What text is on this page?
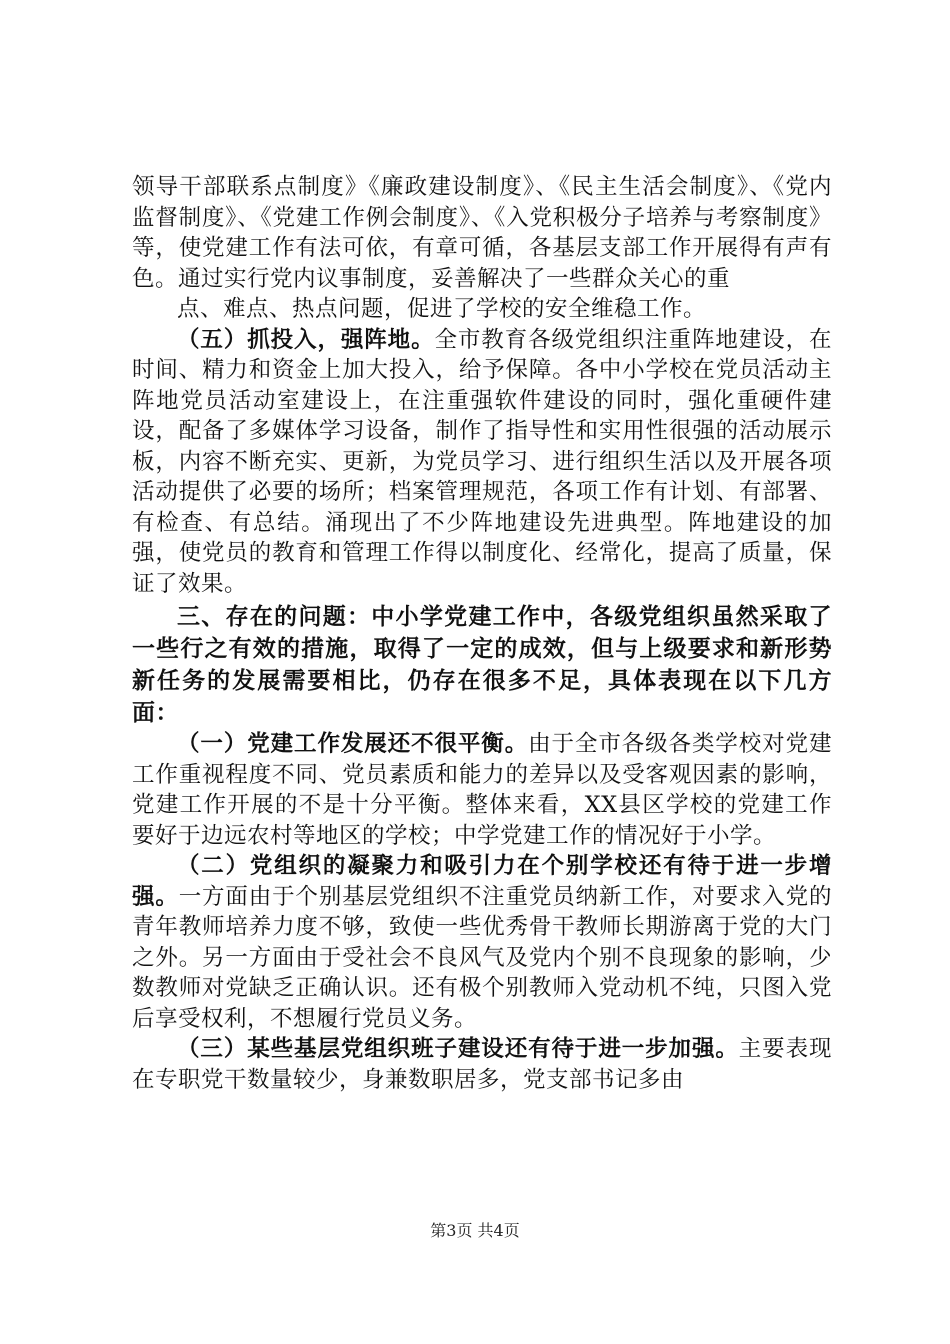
领导干部联系点制度》《廉政建设制度》、《民主生活会制度》、《党内监督制度》、《党建工作例会制度》、《入党积极分子培养与考察制度》等，使党建工作有法可依，有章可循，各基层支部工作开展得有声有色。通过实行党内议事制度，妥善解决了一些群众关心的重

点、难点、热点问题，促进了学校的安全维稳工作。

（五）抓投入，强阵地。全市教育各级党组织注重阵地建设，在时间、精力和资金上加大投入，给予保障。各中小学校在党员活动主阵地党员活动室建设上，在注重强软件建设的同时，强化重硬件建设，配备了多媒体学习设备，制作了指导性和实用性很强的活动展示板，内容不断充实、更新，为党员学习、进行组织生活以及开展各项活动提供了必要的场所；档案管理规范，各项工作有计划、有部署、有检查、有总结。涌现出了不少阵地建设先进典型。阵地建设的加强，使党员的教育和管理工作得以制度化、经常化，提高了质量，保证了效果。

三、存在的问题：中小学党建工作中，各级党组织虽然采取了一些行之有效的措施，取得了一定的成效，但与上级要求和新形势新任务的发展需要相比，仍存在很多不足，具体表现在以下几方面：

（一）党建工作发展还不很平衡。由于全市各级各类学校对党建工作重视程度不同、党员素质和能力的差异以及受客观因素的影响，党建工作开展的不是十分平衡。整体来看，XX县区学校的党建工作要好于边远农村等地区的学校；中学党建工作的情况好于小学。

（二）党组织的凝聚力和吸引力在个别学校还有待于进一步增强。一方面由于个别基层党组织不注重党员纳新工作，对要求入党的青年教师培养力度不够，致使一些优秀骨干教师长期游离于党的大门之外。另一方面由于受社会不良风气及党内个别不良现象的影响，少数教师对党缺乏正确认识。还有极个别教师入党动机不纯，只图入党后享受权利，不想履行党员义务。

（三）某些基层党组织班子建设还有待于进一步加强。主要表现在专职党干数量较少，身兼数职居多，党支部书记多由

第3页 共4页
